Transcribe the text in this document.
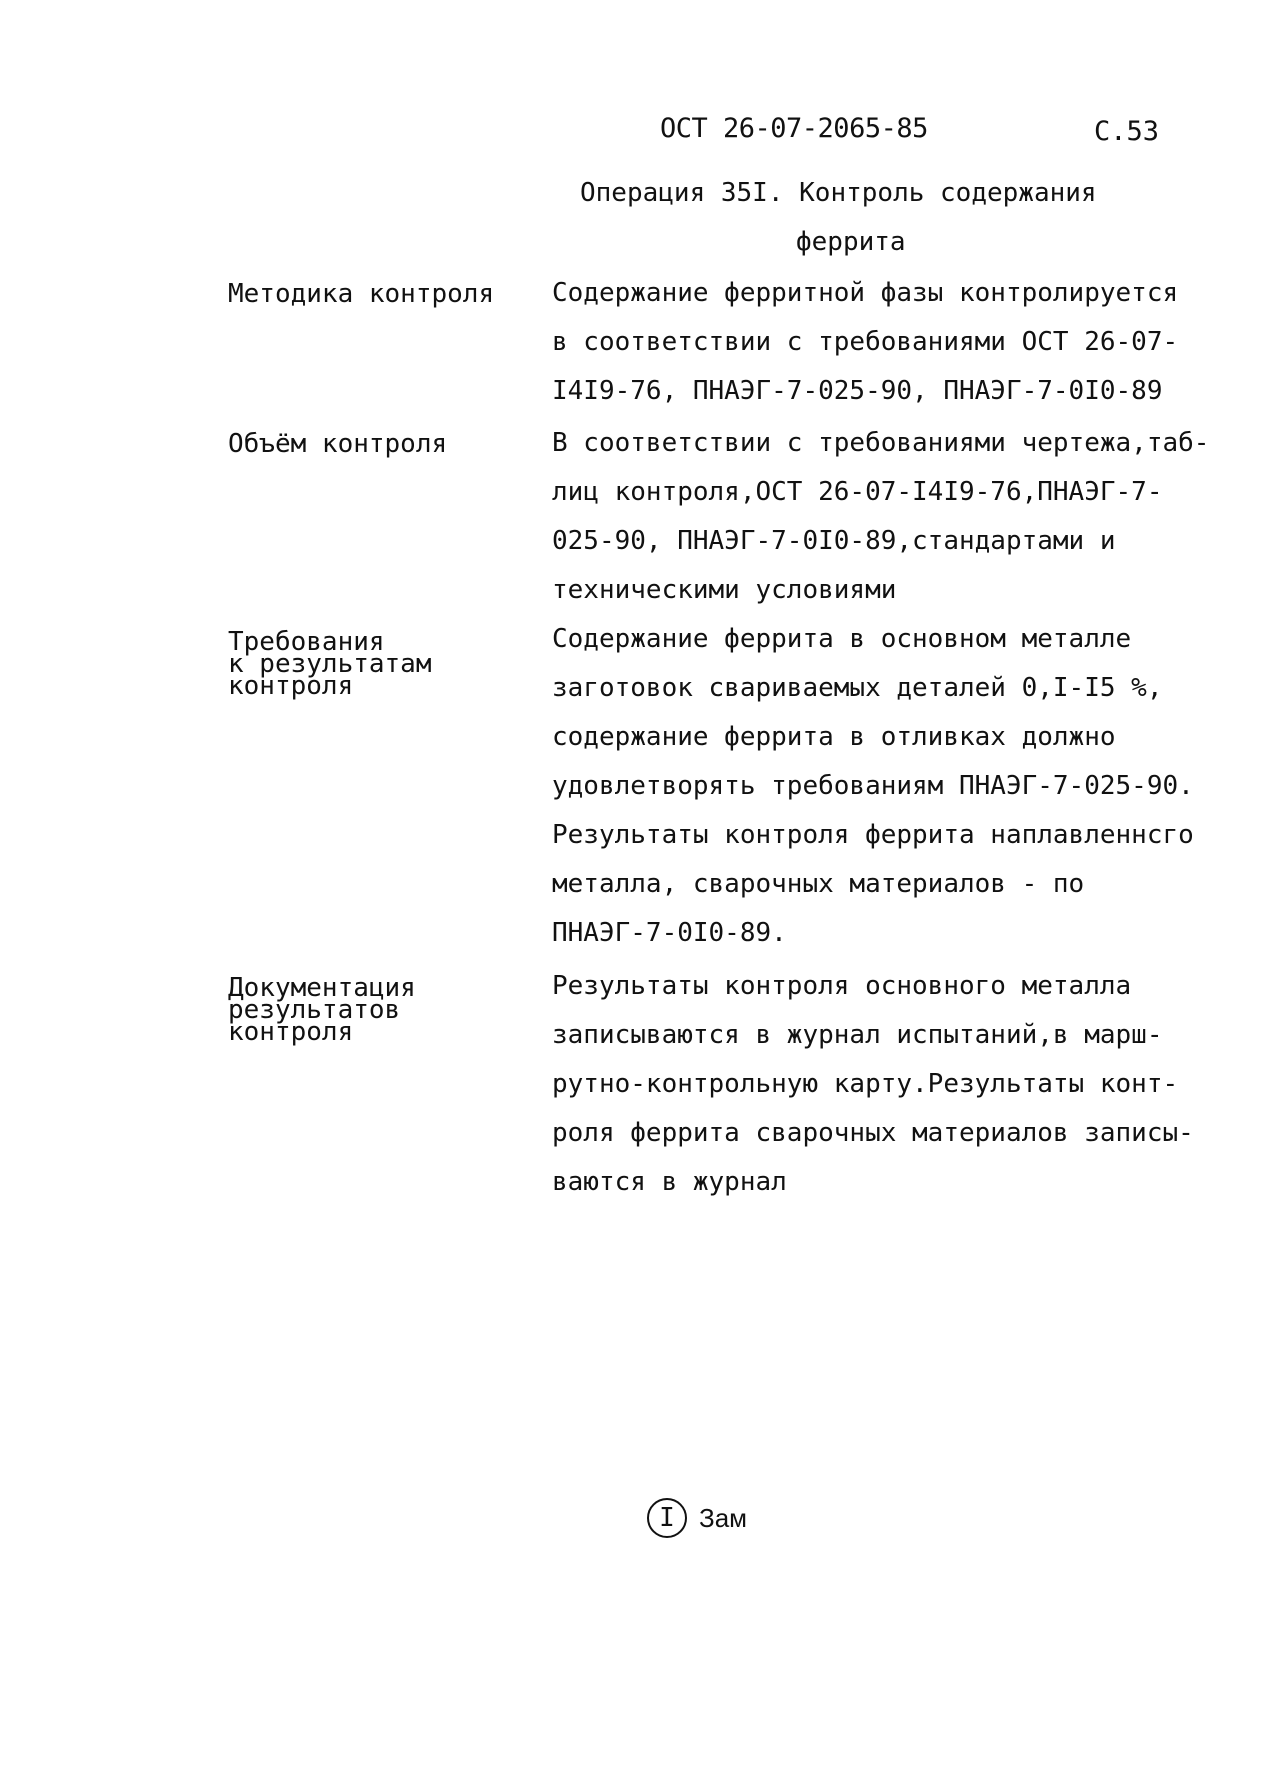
ОСТ 26-07-2065-85	С.53
Операция 35I. Контроль содержания
феррита
Методика контроля Содержание ферритной фазы контролируется
в соответствии с требованиями ОСТ 26-07-
I4I9-76, ПНАЭГ-7-025-90, ПНАЭГ-7-0I0-89
Объём контроля	В соответствии с требованиями чертежа,таб-
лиц контроля,ОСТ 26-07-I4I9-76,ПНАЭГ-7-
025-90, ПНАЭГ-7-0I0-89,стандартами и
техническими условиями
Требования
к результатам
контроля
Содержание феррита в основном металле
заготовок свариваемых деталей 0,I-I5 %,
содержание феррита в отливках должно
удовлетворять требованиям ПНАЭГ-7-025-90.
Результаты контроля феррита наплавленнсго
металла, сварочных материалов - по
ПНАЭГ-7-0I0-89.
Документация
результатов
контроля
Результаты контроля основного металла
записываются в журнал испытаний,в марш-
рутно-контрольную карту.Результаты конт-
роля феррита сварочных материалов записы-
ваются в журнал
I Зам
